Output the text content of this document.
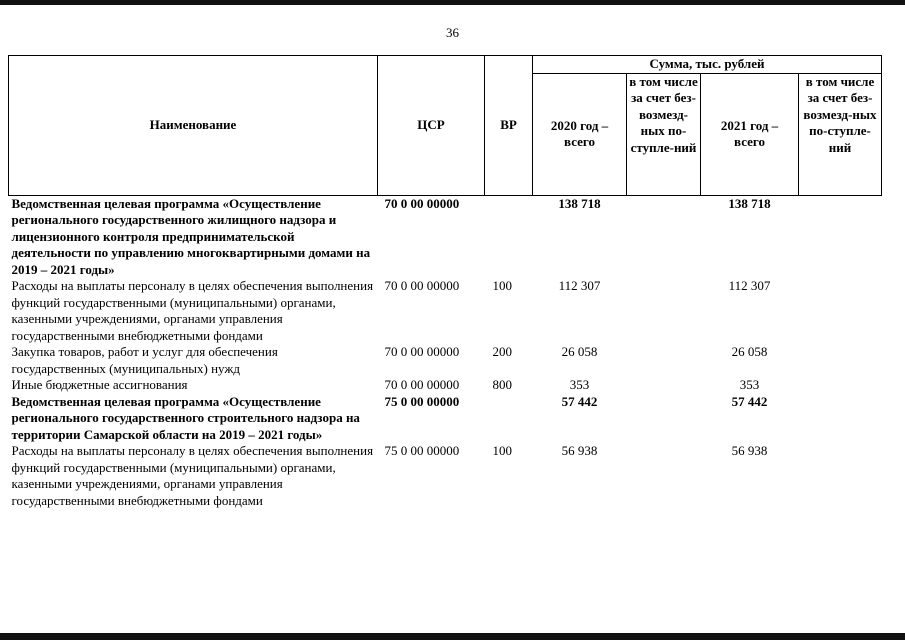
36
Наименование	ЦСР	ВР	Сумма, тыс. рублей			
			2020 год – всего	в том числе за счет без-возмезд-ных по-ступле-ний	2021 год – всего	в том числе за счет без-возмезд-ных по-ступле-ний
Ведомственная целевая программа «Осуществление регионального государственного жилищного надзора и лицензионного контроля предпринимательской деятельности по управлению многоквартирными домами на 2019 – 2021 годы»	70 0 00 00000		138 718		138 718	
Расходы на выплаты персоналу в целях обеспечения выполнения функций государственными (муниципальными) органами, казенными учреждениями, органами управления государственными внебюджетными фондами	70 0 00 00000	100	112 307		112 307	
Закупка товаров, работ и услуг для обеспечения государственных (муниципальных) нужд	70 0 00 00000	200	26 058		26 058	
Иные бюджетные ассигнования	70 0 00 00000	800	353		353	
Ведомственная целевая программа «Осуществление регионального государственного строительного надзора на территории Самарской области на 2019 – 2021 годы»	75 0 00 00000		57 442		57 442	
Расходы на выплаты персоналу в целях обеспечения выполнения функций государственными (муниципальными) органами, казенными учреждениями, органами управления государственными внебюджетными фондами	75 0 00 00000	100	56 938		56 938	
